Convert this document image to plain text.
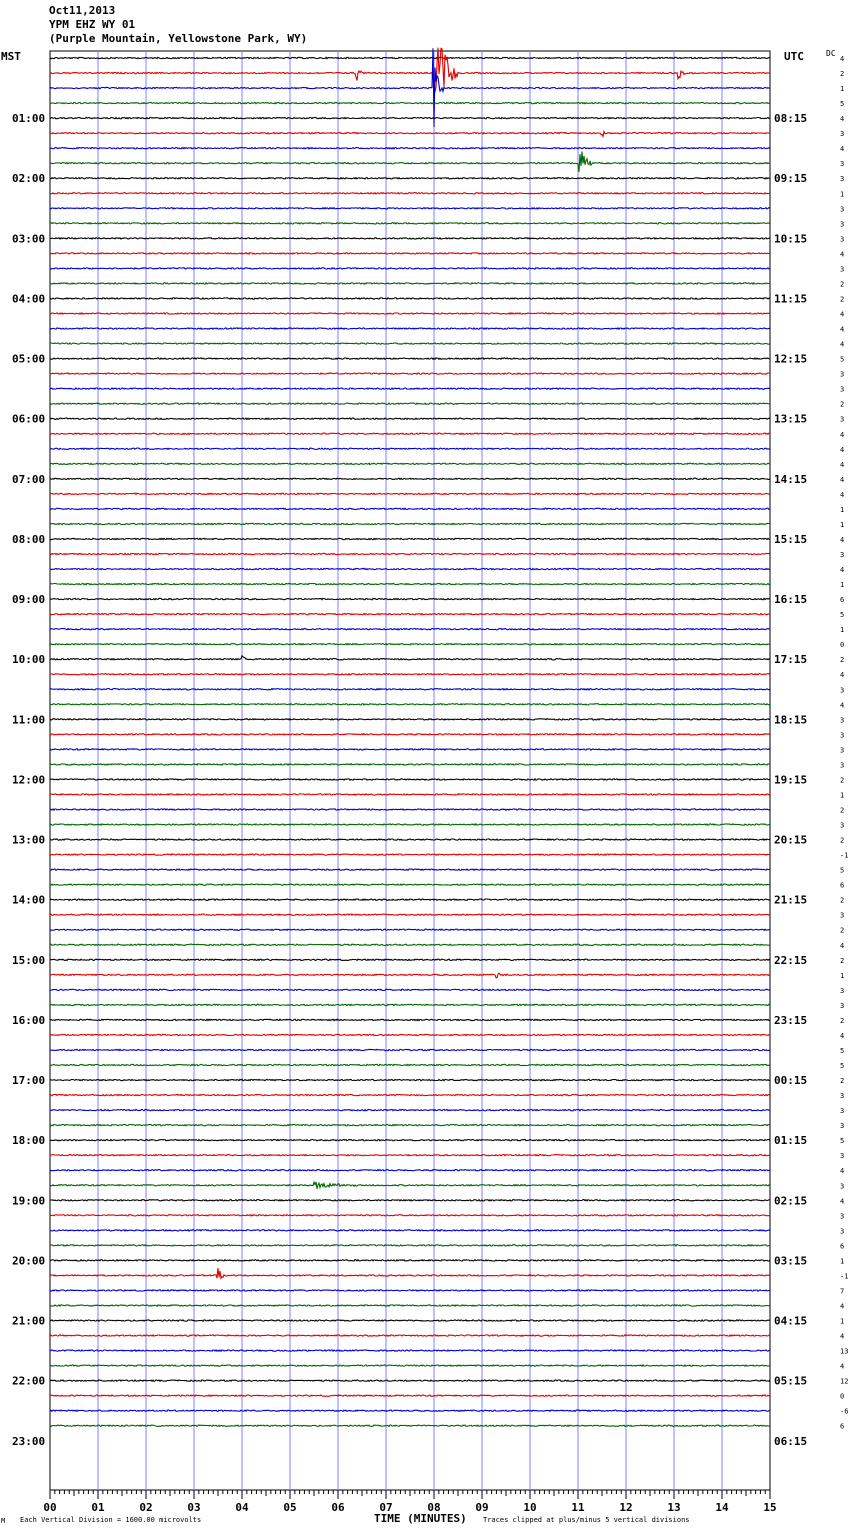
Oct11,2013
YPM EHZ WY 01
(Purple Mountain, Yellowstone Park, WY)
MST	UTC	DC
4
2
1
5
4
3
4
3
3
1
3
3
3
4
3
2
2
4
4
4
5
3
3
2
3
4
4
4
4
4
1
1
4
3
4
1
6
5
1
0
2
4
3
4
3
3
3
3
2
1
2
3
2
-1
5
6
2
3
2
4
2
1
3
3
2
4
5
5
2
3
3
3
5
3
4
3
4
3
3
6
1
-1
7
4
1
4
13
4
12
0
-6
6
01:00	08:15
02:00	09:15
03:00	10:15
04:00	11:15
05:00	12:15
06:00	13:15
07:00	14:15
08:00	15:15
09:00	16:15
10:00	17:15
11:00	18:15
12:00	19:15
13:00	20:15
14:00	21:15
15:00	22:15
16:00	23:15
17:00	00:15
18:00	01:15
19:00	02:15
20:00	03:15
21:00	04:15
22:00	05:15
23:00	06:15
00	01	02	03	04	05	06	07	08	09	10	11	12	13	14	15
TIME (MINUTES)
M Each Vertical Division = 1600.00 microvolts	Traces clipped at plus/minus 5 vertical divisions
